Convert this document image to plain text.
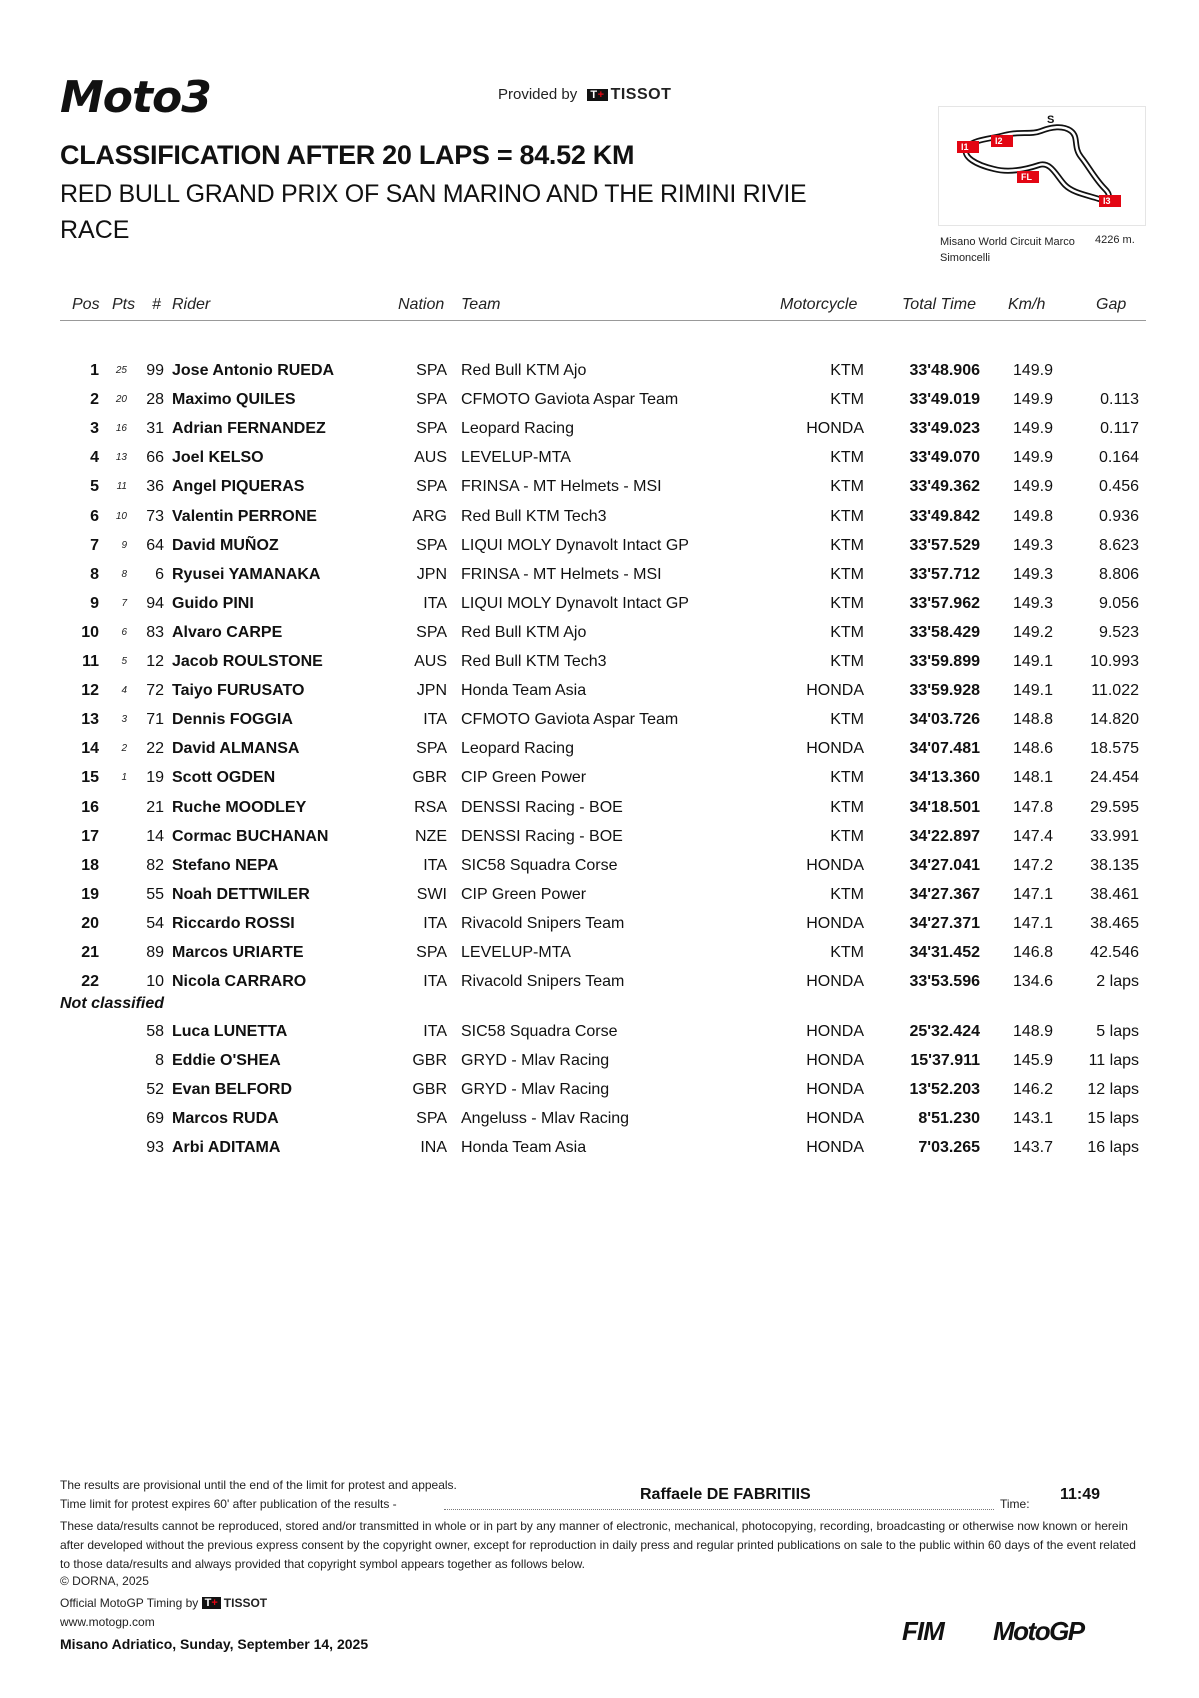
Moto3	Provided by T+ TISSOT
CLASSIFICATION AFTER 20 LAPS = 84.52 KM
RED BULL GRAND PRIX OF SAN MARINO AND THE RIMINI RIVIE
RACE
I1
I2
S
FL
I3
Misano World Circuit Marco Simoncelli
4226 m.
Pos Pts # Rider	Nation Team	Motorcycle	Total Time Km/h	Gap
1	25 99 Jose Antonio RUEDA	SPA Red Bull KTM Ajo	KTM	33'48.906 149.9
2	20 28 Maximo QUILES	SPA CFMOTO Gaviota Aspar Team	KTM	33'49.019 149.9	0.113
3	16 31 Adrian FERNANDEZ	SPA Leopard Racing	HONDA	33'49.023 149.9	0.117
4	13 66 Joel KELSO	AUS LEVELUP-MTA	KTM	33'49.070 149.9	0.164
5	11 36 Angel PIQUERAS	SPA FRINSA - MT Helmets - MSI	KTM	33'49.362 149.9	0.456
6	10 73 Valentin PERRONE	ARG Red Bull KTM Tech3	KTM	33'49.842 149.8	0.936
7	9 64 David MUÑOZ	SPA LIQUI MOLY Dynavolt Intact GP	KTM	33'57.529 149.3	8.623
8	8 6 Ryusei YAMANAKA	JPN FRINSA - MT Helmets - MSI	KTM	33'57.712 149.3	8.806
9	7 94 Guido PINI	ITA LIQUI MOLY Dynavolt Intact GP	KTM	33'57.962 149.3	9.056
10	6 83 Alvaro CARPE	SPA Red Bull KTM Ajo	KTM	33'58.429 149.2	9.523
11	5 12 Jacob ROULSTONE	AUS Red Bull KTM Tech3	KTM	33'59.899 149.1 10.993
12	4 72 Taiyo FURUSATO	JPN Honda Team Asia	HONDA	33'59.928 149.1 11.022
13	3 71 Dennis FOGGIA	ITA CFMOTO Gaviota Aspar Team	KTM	34'03.726 148.8 14.820
14	2 22 David ALMANSA	SPA Leopard Racing	HONDA	34'07.481 148.6 18.575
15	1 19 Scott OGDEN	GBR CIP Green Power	KTM	34'13.360 148.1 24.454
16	21 Ruche MOODLEY	RSA DENSSI Racing - BOE	KTM	34'18.501 147.8 29.595
17	14 Cormac BUCHANAN	NZE DENSSI Racing - BOE	KTM	34'22.897 147.4 33.991
18	82 Stefano NEPA	ITA SIC58 Squadra Corse	HONDA	34'27.041 147.2 38.135
19	55 Noah DETTWILER	SWI CIP Green Power	KTM	34'27.367 147.1 38.461
20	54 Riccardo ROSSI	ITA Rivacold Snipers Team	HONDA	34'27.371 147.1 38.465
21	89 Marcos URIARTE	SPA LEVELUP-MTA	KTM	34'31.452 146.8 42.546
22	10 Nicola CARRARO	ITA Rivacold Snipers Team	HONDA	33'53.596 134.6	2 laps
58 Luca LUNETTA	ITA SIC58 Squadra Corse	HONDA	25'32.424 148.9	5 laps
8 Eddie O'SHEA	GBR GRYD - Mlav Racing	HONDA	15'37.911 145.9 11 laps
52 Evan BELFORD	GBR GRYD - Mlav Racing	HONDA	13'52.203 146.2 12 laps
69 Marcos RUDA	SPA Angeluss - Mlav Racing	HONDA	8'51.230 143.1 15 laps
93 Arbi ADITAMA	INA Honda Team Asia	HONDA	7'03.265 143.7 16 laps
Not classified
The results are provisional until the end of the limit for protest and appeals.
Time limit for protest expires 60' after publication of the results -
Raffaele DE FABRITIIS
Time:
11:49
These data/results cannot be reproduced, stored and/or transmitted in whole or in part by any manner of electronic, mechanical, photocopying, recording, broadcasting or otherwise now known or herein after developed without the previous express consent by the copyright owner, except for reproduction in daily press and regular printed publications on sale to the public within 60 days of the event related to those data/results and always provided that copyright symbol appears together as follows below.
© DORNA, 2025
Official MotoGP Timing by T+ TISSOT
www.motogp.com
Misano Adriatico, Sunday, September 14, 2025	FIM MotoGP
